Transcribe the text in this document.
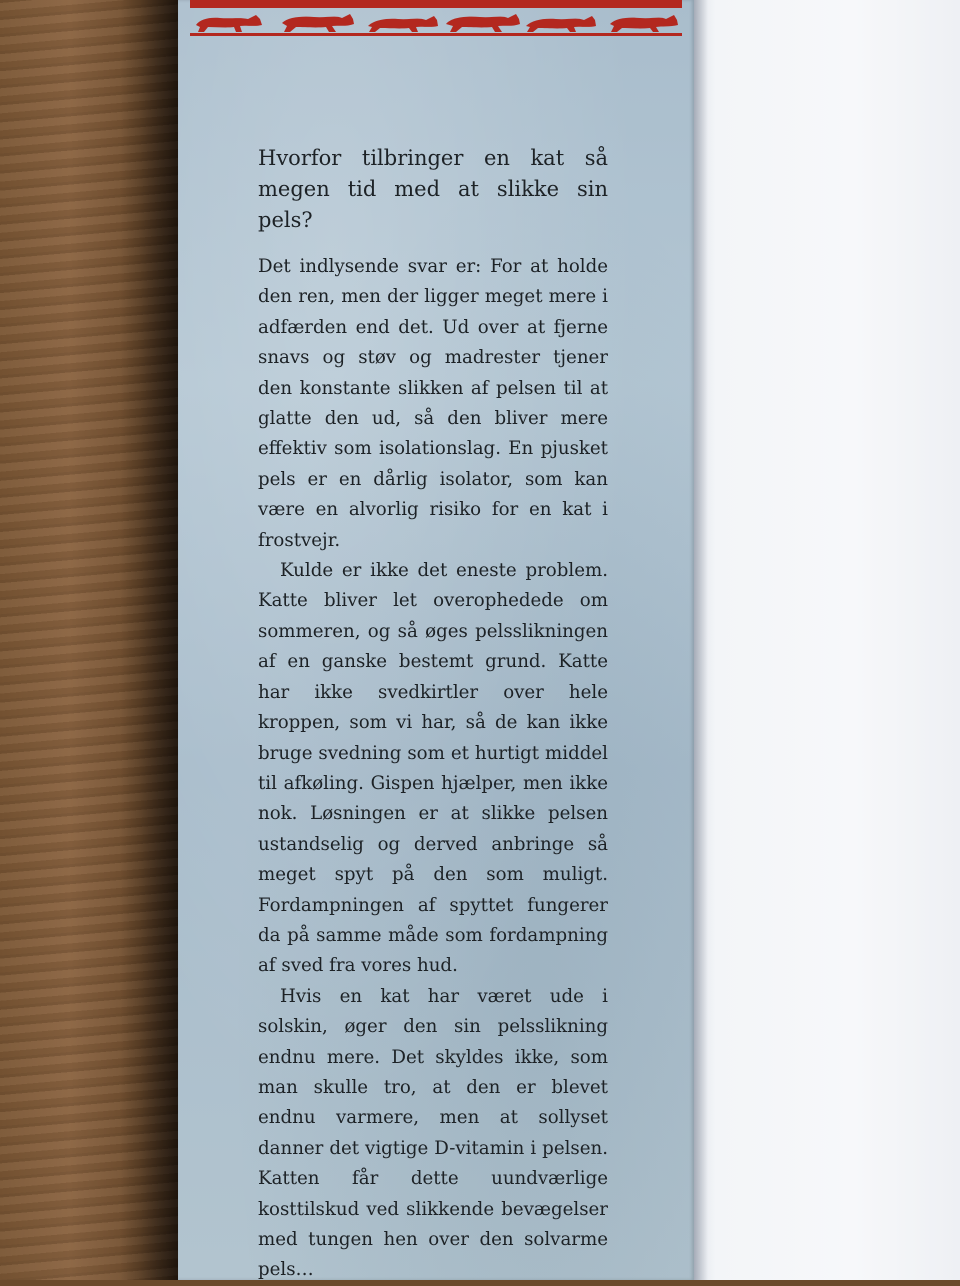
Hvorfor tilbringer en kat så megen tid med at slikke sin pels?

Det indlysende svar er: For at holde den ren, men der ligger meget mere i adfærden end det. Ud over at fjerne snavs og støv og madrester tjener den konstante slikken af pelsen til at glatte den ud, så den bliver mere effektiv som isolationslag. En pjusket pels er en dårlig isolator, som kan være en alvorlig risiko for en kat i frostvejr.

Kulde er ikke det eneste problem. Katte bliver let overophedede om sommeren, og så øges pelsslikningen af en ganske bestemt grund. Katte har ikke svedkirtler over hele kroppen, som vi har, så de kan ikke bruge svedning som et hurtigt middel til afkøling. Gispen hjælper, men ikke nok. Løsningen er at slikke pelsen ustandselig og derved anbringe så meget spyt på den som muligt. Fordampningen af spyttet fungerer da på samme måde som fordampning af sved fra vores hud.

Hvis en kat har været ude i solskin, øger den sin pelsslikning endnu mere. Det skyldes ikke, som man skulle tro, at den er blevet endnu varmere, men at sollyset danner det vigtige D-vitamin i pelsen. Katten får dette uundværlige kosttilskud ved slikkende bevægelser med tungen hen over den solvarme pels…
